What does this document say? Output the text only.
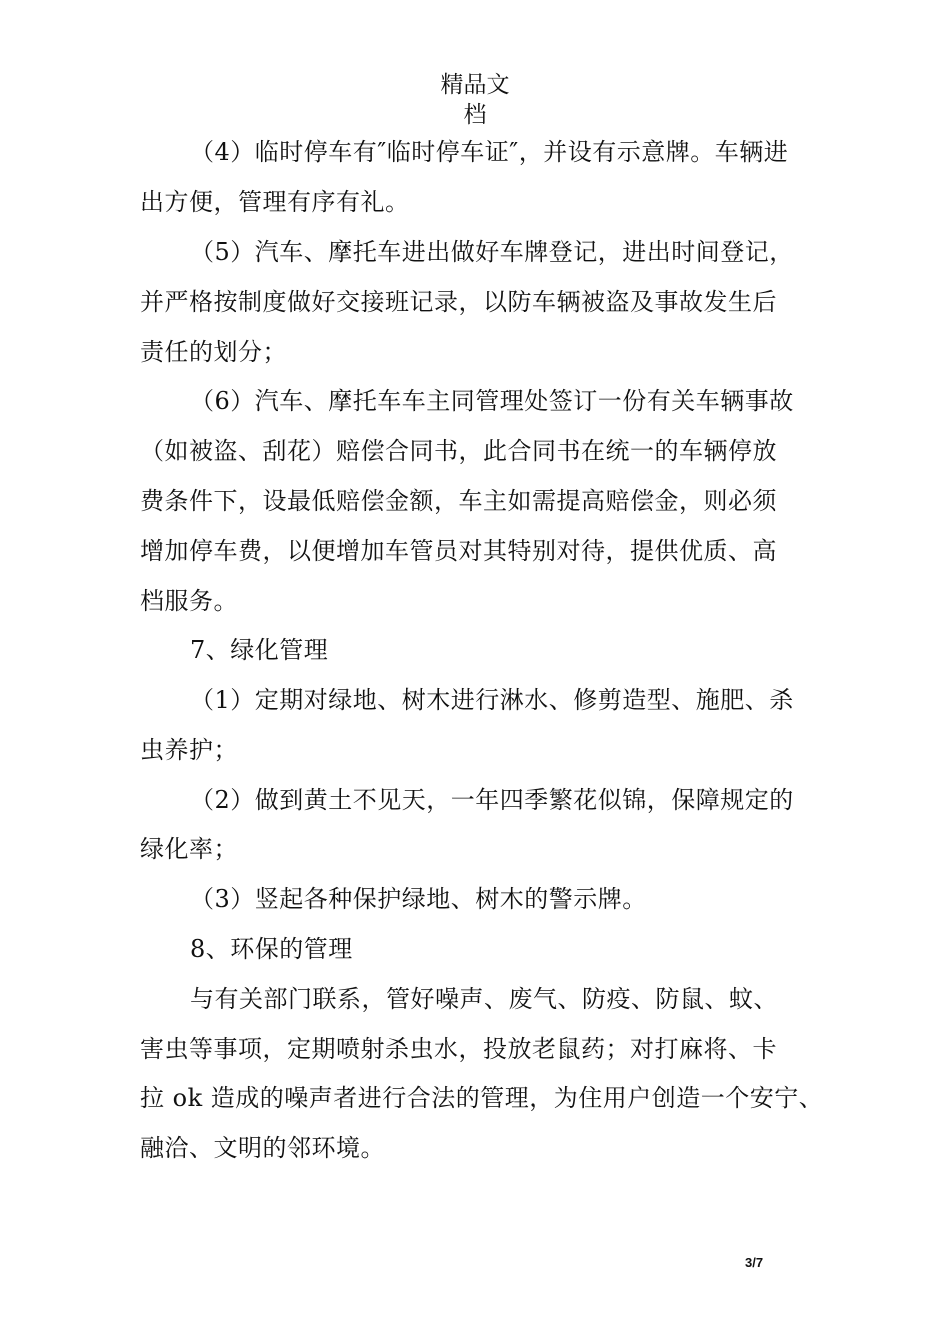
精品文
档
（4）临时停车有″临时停车证″，并设有示意牌。车辆进
出方便，管理有序有礼。
（5）汽车、摩托车进出做好车牌登记，进出时间登记，
并严格按制度做好交接班记录，以防车辆被盗及事故发生后
责任的划分；
（6）汽车、摩托车车主同管理处签订一份有关车辆事故
（如被盗、刮花）赔偿合同书，此合同书在统一的车辆停放
费条件下，设最低赔偿金额，车主如需提高赔偿金，则必须
增加停车费，以便增加车管员对其特别对待，提供优质、高
档服务。
7、绿化管理
（1）定期对绿地、树木进行淋水、修剪造型、施肥、杀
虫养护；
（2）做到黄土不见天，一年四季繁花似锦，保障规定的
绿化率；
（3）竖起各种保护绿地、树木的警示牌。
8、环保的管理
与有关部门联系，管好噪声、废气、防疫、防鼠、蚊、
害虫等事项，定期喷射杀虫水，投放老鼠药；对打麻将、卡
拉 ok 造成的噪声者进行合法的管理，为住用户创造一个安宁、
融洽、文明的邻环境。
3/7
